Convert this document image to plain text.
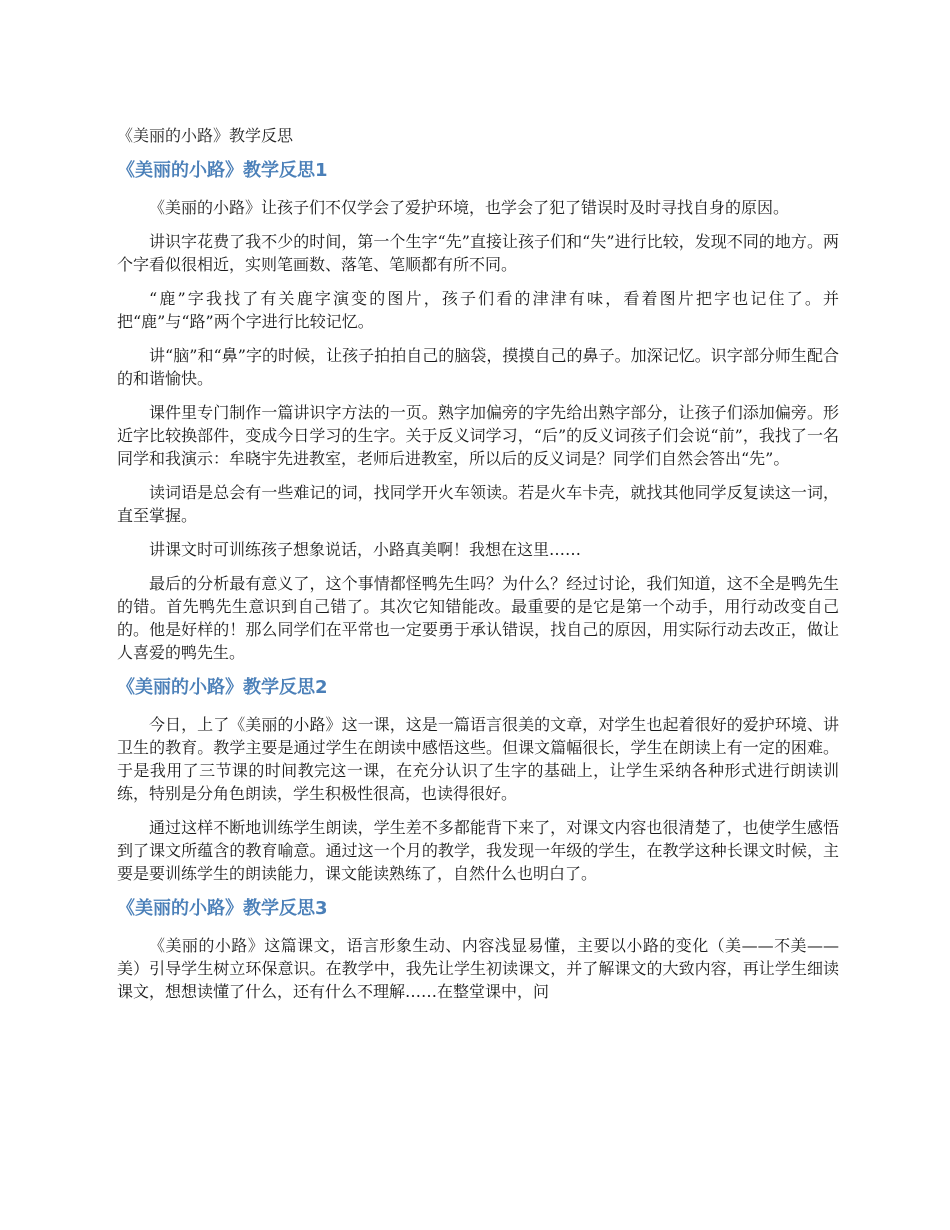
《美丽的小路》教学反思
《美丽的小路》教学反思1

《美丽的小路》让孩子们不仅学会了爱护环境，也学会了犯了错误时及时寻找自身的原因。

讲识字花费了我不少的时间，第一个生字“先”直接让孩子们和“失”进行比较，发现不同的地方。两个字看似很相近，实则笔画数、落笔、笔顺都有所不同。

“鹿”字我找了有关鹿字演变的图片，孩子们看的津津有味，看着图片把字也记住了。并把“鹿”与“路”两个字进行比较记忆。

讲“脑”和“鼻”字的时候，让孩子拍拍自己的脑袋，摸摸自己的鼻子。加深记忆。识字部分师生配合的和谐愉快。

课件里专门制作一篇讲识字方法的一页。熟字加偏旁的字先给出熟字部分，让孩子们添加偏旁。形近字比较换部件，变成今日学习的生字。关于反义词学习，“后”的反义词孩子们会说“前”，我找了一名同学和我演示：牟晓宇先进教室，老师后进教室，所以后的反义词是？同学们自然会答出“先”。

读词语是总会有一些难记的词，找同学开火车领读。若是火车卡壳，就找其他同学反复读这一词，直至掌握。

讲课文时可训练孩子想象说话，小路真美啊！我想在这里……

最后的分析最有意义了，这个事情都怪鸭先生吗？为什么？经过讨论，我们知道，这不全是鸭先生的错。首先鸭先生意识到自己错了。其次它知错能改。最重要的是它是第一个动手，用行动改变自己的。他是好样的！那么同学们在平常也一定要勇于承认错误，找自己的原因，用实际行动去改正，做让人喜爱的鸭先生。

《美丽的小路》教学反思2

今日，上了《美丽的小路》这一课，这是一篇语言很美的文章，对学生也起着很好的爱护环境、讲卫生的教育。教学主要是通过学生在朗读中感悟这些。但课文篇幅很长，学生在朗读上有一定的困难。于是我用了三节课的时间教完这一课，在充分认识了生字的基础上，让学生采纳各种形式进行朗读训练，特别是分角色朗读，学生积极性很高，也读得很好。

通过这样不断地训练学生朗读，学生差不多都能背下来了，对课文内容也很清楚了，也使学生感悟到了课文所蕴含的教育喻意。通过这一个月的教学，我发现一年级的学生，在教学这种长课文时候，主要是要训练学生的朗读能力，课文能读熟练了，自然什么也明白了。

《美丽的小路》教学反思3

《美丽的小路》这篇课文，语言形象生动、内容浅显易懂，主要以小路的变化（美——不美——美）引导学生树立环保意识。在教学中，我先让学生初读课文，并了解课文的大致内容，再让学生细读课文，想想读懂了什么，还有什么不理解……在整堂课中，问
